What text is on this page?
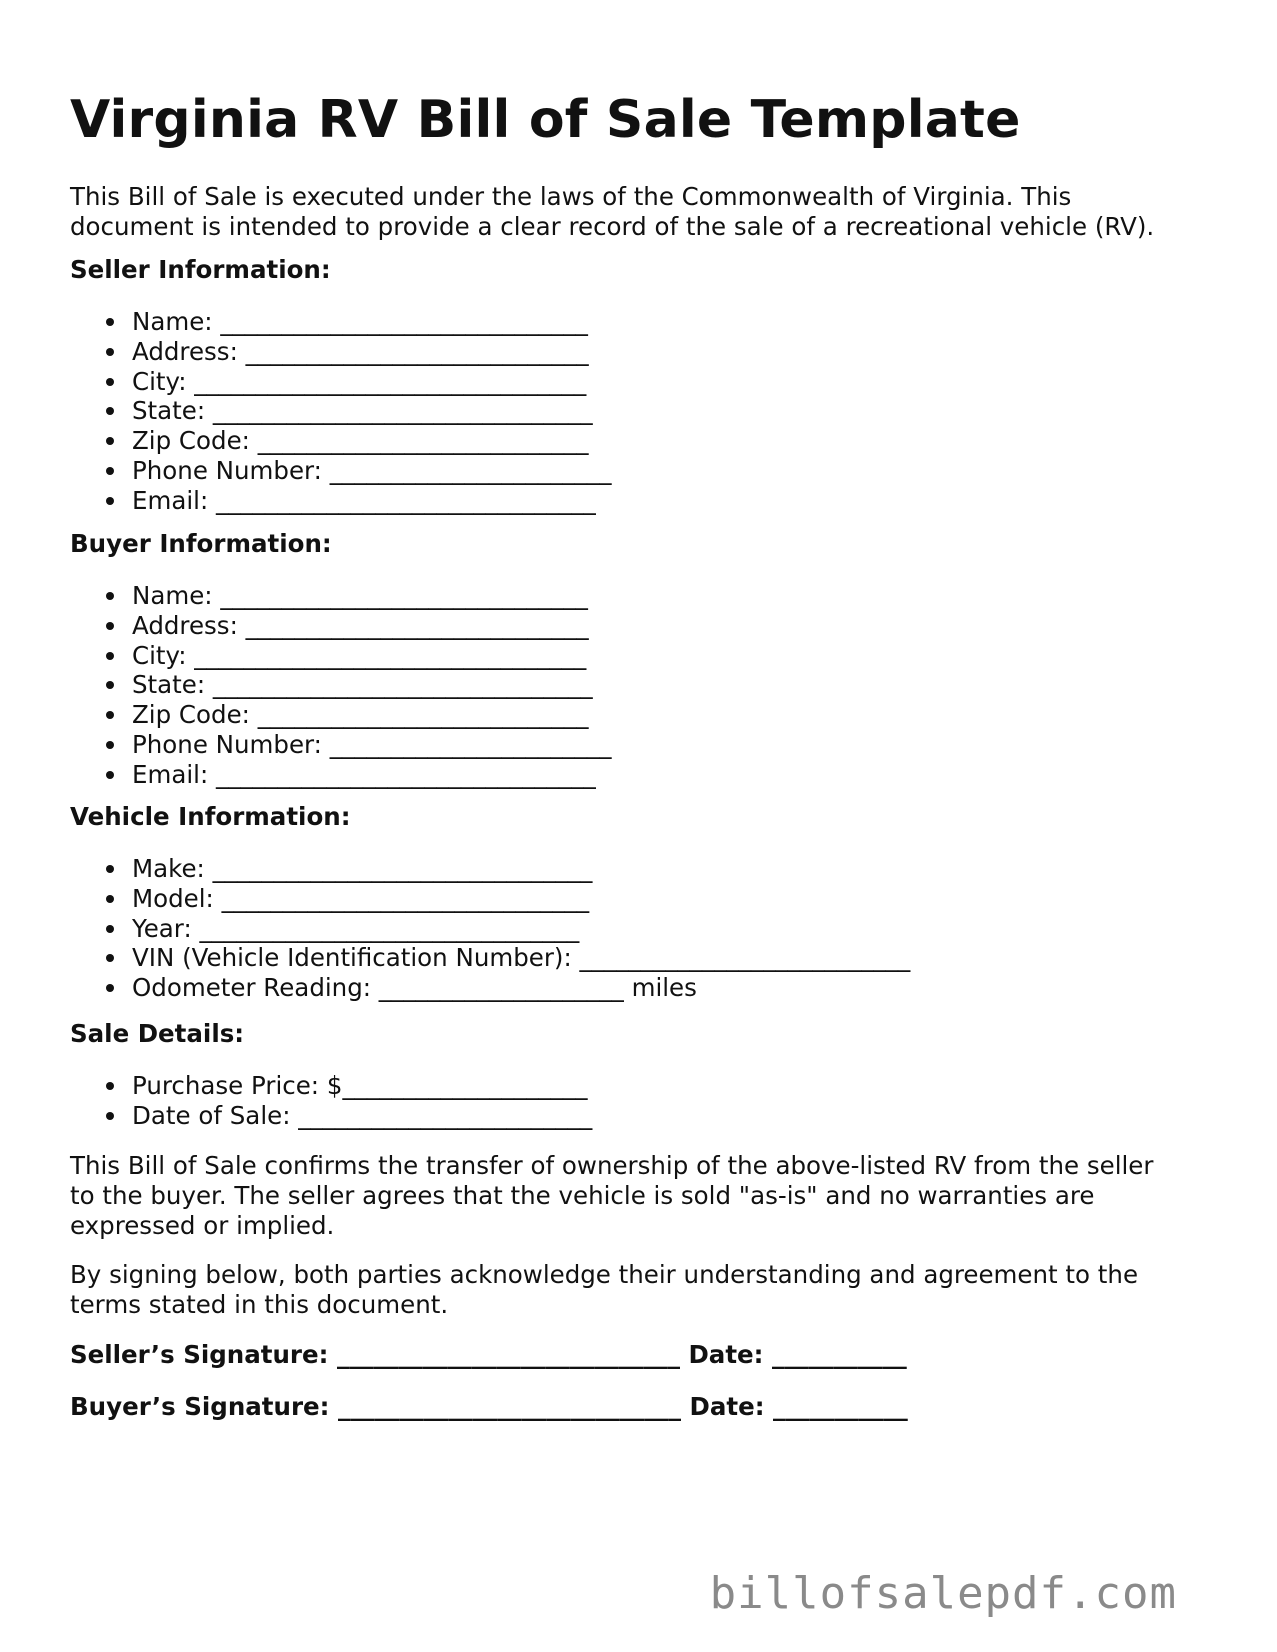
Virginia RV Bill of Sale Template

This Bill of Sale is executed under the laws of the Commonwealth of Virginia. This
document is intended to provide a clear record of the sale of a recreational vehicle (RV).

Seller Information:
Name: ______________________________
Address: ____________________________
City: ________________________________
State: _______________________________
Zip Code: ___________________________
Phone Number: _______________________
Email: _______________________________
Buyer Information:
Name: ______________________________
Address: ____________________________
City: ________________________________
State: _______________________________
Zip Code: ___________________________
Phone Number: _______________________
Email: _______________________________
Vehicle Information:
Make: _______________________________
Model: ______________________________
Year: _______________________________
VIN (Vehicle Identification Number): ___________________________
Odometer Reading: ____________________ miles
Sale Details:
Purchase Price: $____________________
Date of Sale: ________________________

This Bill of Sale confirms the transfer of ownership of the above-listed RV from the seller
to the buyer. The seller agrees that the vehicle is sold "as-is" and no warranties are
expressed or implied.

By signing below, both parties acknowledge their understanding and agreement to the
terms stated in this document.

Seller’s Signature: ____________________________ Date: ___________

Buyer’s Signature: ____________________________ Date: ___________

billofsalepdf.com
